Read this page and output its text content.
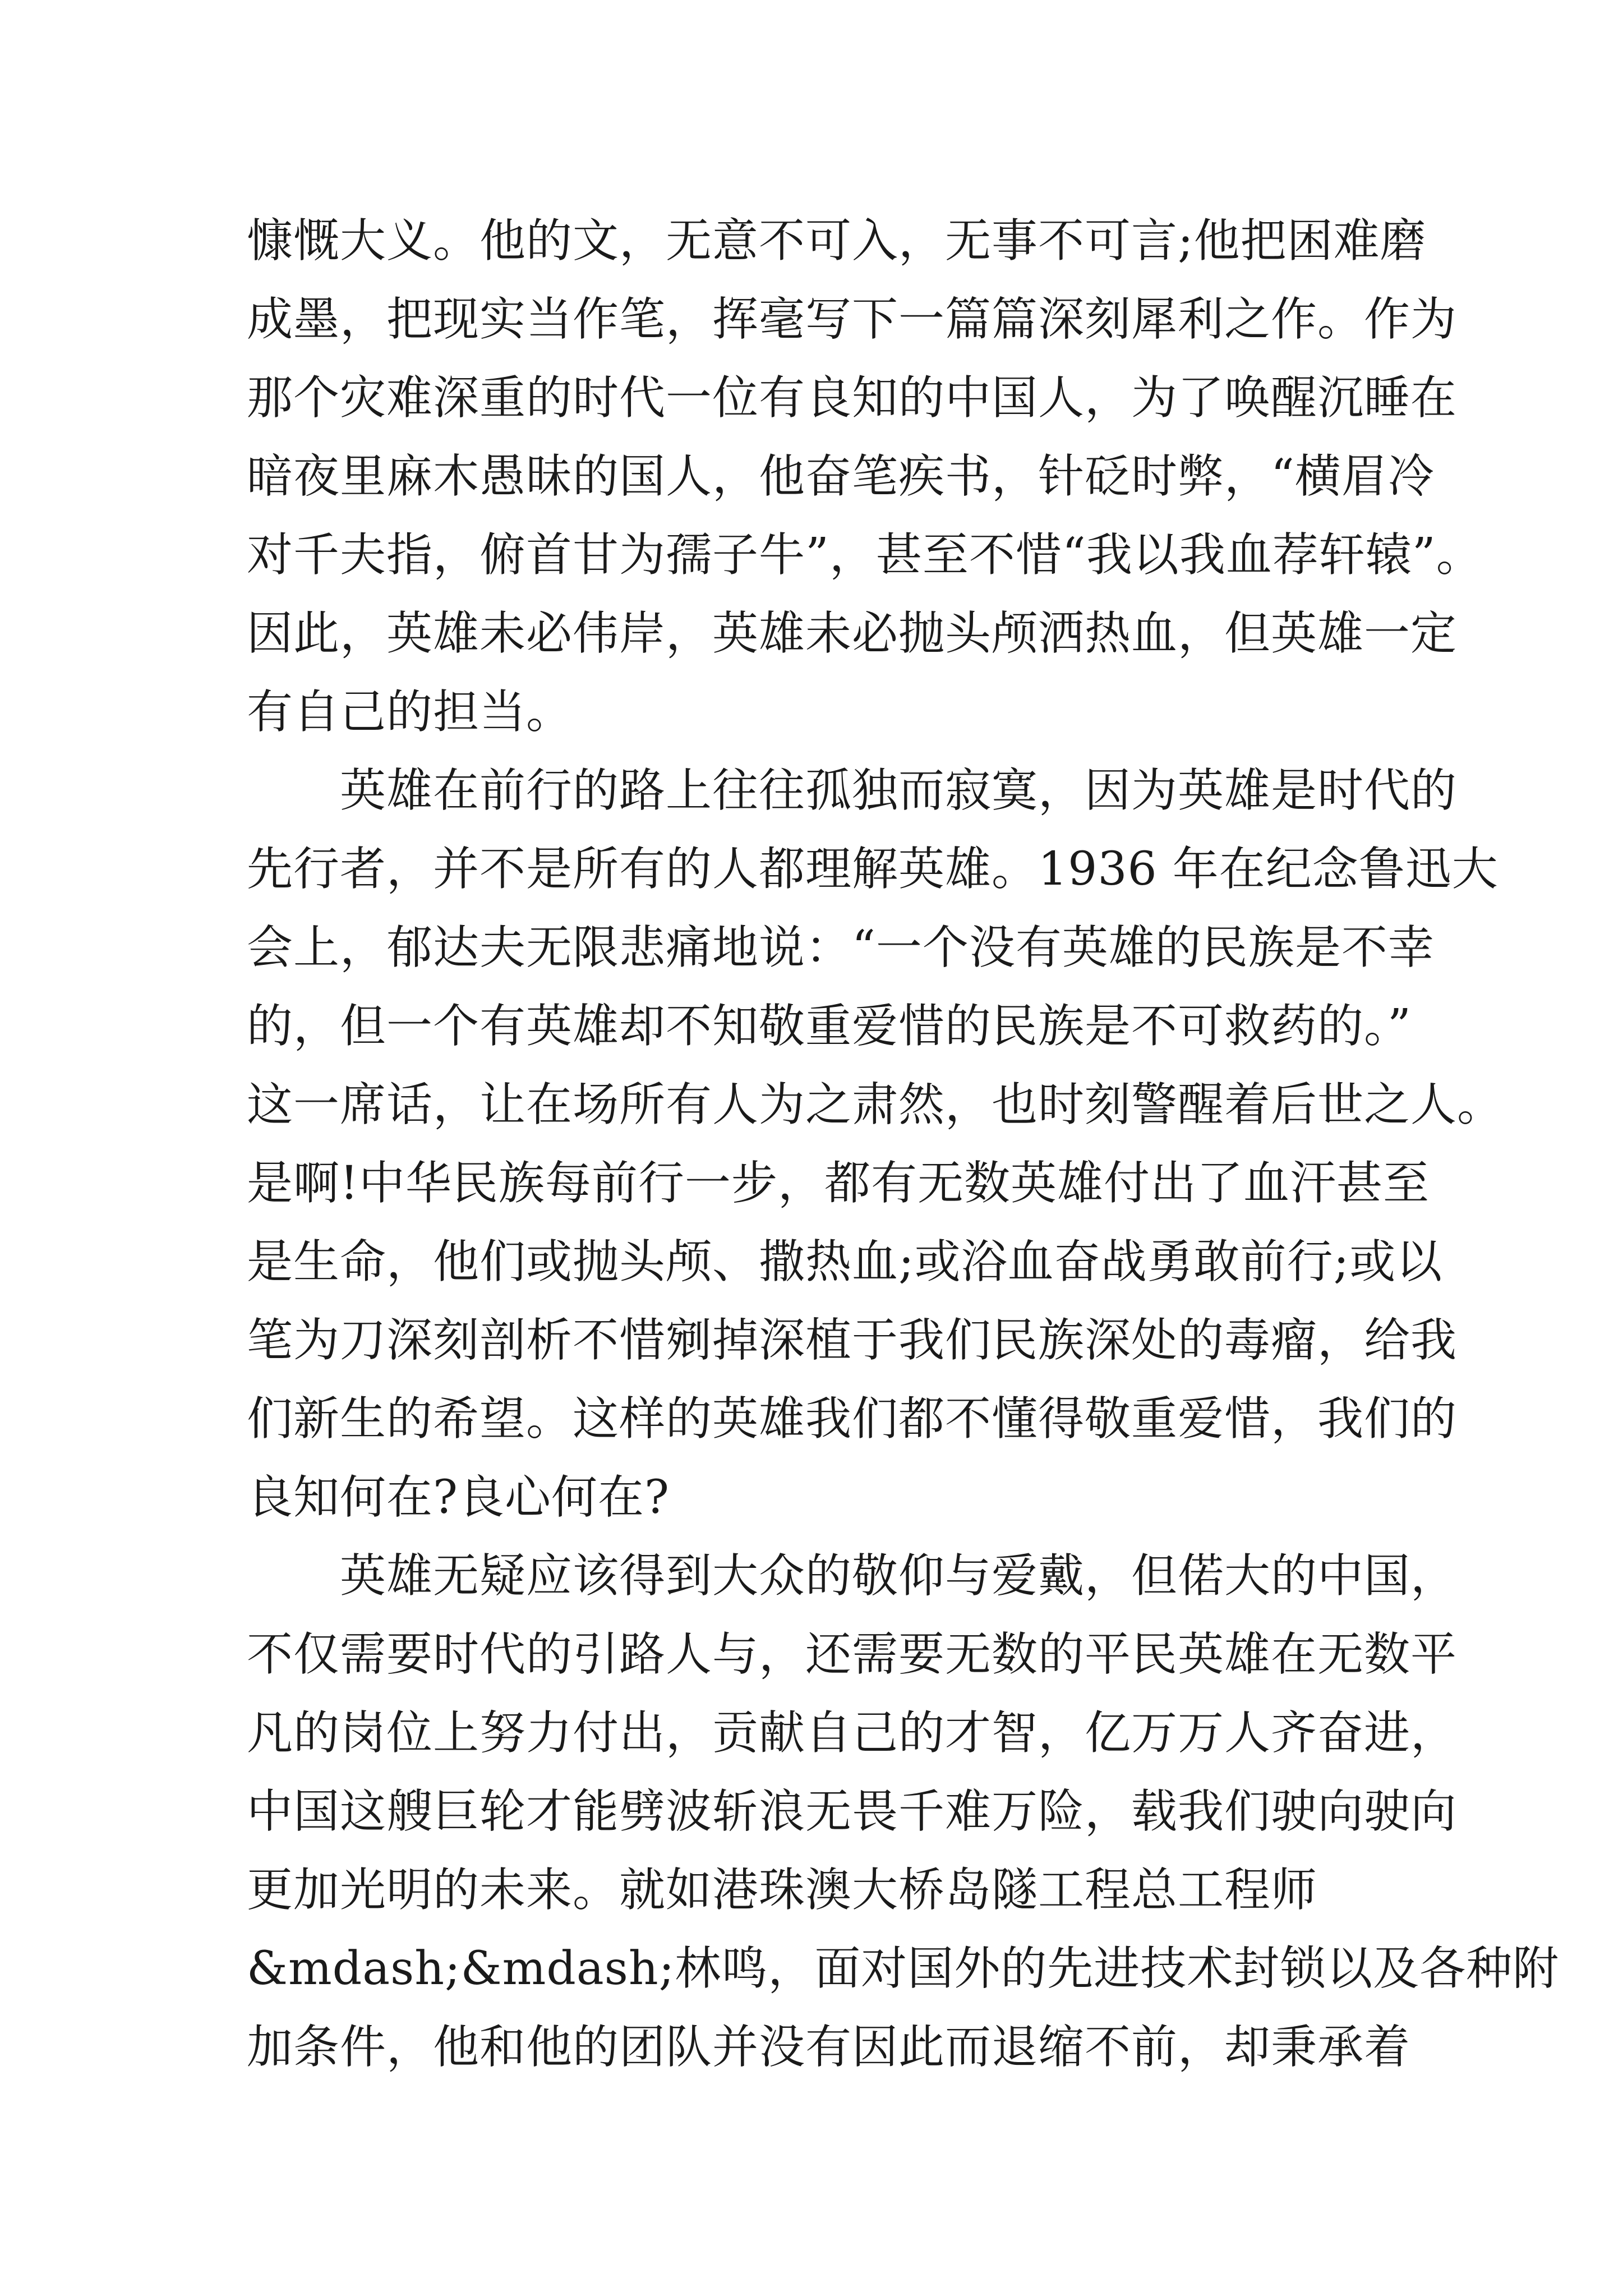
慷慨大义。他的文，无意不可入，无事不可言;他把困难磨
成墨，把现实当作笔，挥毫写下一篇篇深刻犀利之作。作为
那个灾难深重的时代一位有良知的中国人，为了唤醒沉睡在
暗夜里麻木愚昧的国人，他奋笔疾书，针砭时弊，“横眉冷
对千夫指，俯首甘为孺子牛”，甚至不惜“我以我血荐轩辕”。
因此，英雄未必伟岸，英雄未必抛头颅洒热血，但英雄一定
有自己的担当。
　　英雄在前行的路上往往孤独而寂寞，因为英雄是时代的
先行者，并不是所有的人都理解英雄。1936 年在纪念鲁迅大
会上，郁达夫无限悲痛地说：“一个没有英雄的民族是不幸
的，但一个有英雄却不知敬重爱惜的民族是不可救药的。”
这一席话，让在场所有人为之肃然，也时刻警醒着后世之人。
是啊!中华民族每前行一步，都有无数英雄付出了血汗甚至
是生命，他们或抛头颅、撒热血;或浴血奋战勇敢前行;或以
笔为刀深刻剖析不惜剜掉深植于我们民族深处的毒瘤，给我
们新生的希望。这样的英雄我们都不懂得敬重爱惜，我们的
良知何在?良心何在?
　　英雄无疑应该得到大众的敬仰与爱戴，但偌大的中国，
不仅需要时代的引路人与，还需要无数的平民英雄在无数平
凡的岗位上努力付出，贡献自己的才智，亿万万人齐奋进，
中国这艘巨轮才能劈波斩浪无畏千难万险，载我们驶向驶向
更加光明的未来。就如港珠澳大桥岛隧工程总工程师
&mdash;&mdash;林鸣，面对国外的先进技术封锁以及各种附
加条件，他和他的团队并没有因此而退缩不前，却秉承着
